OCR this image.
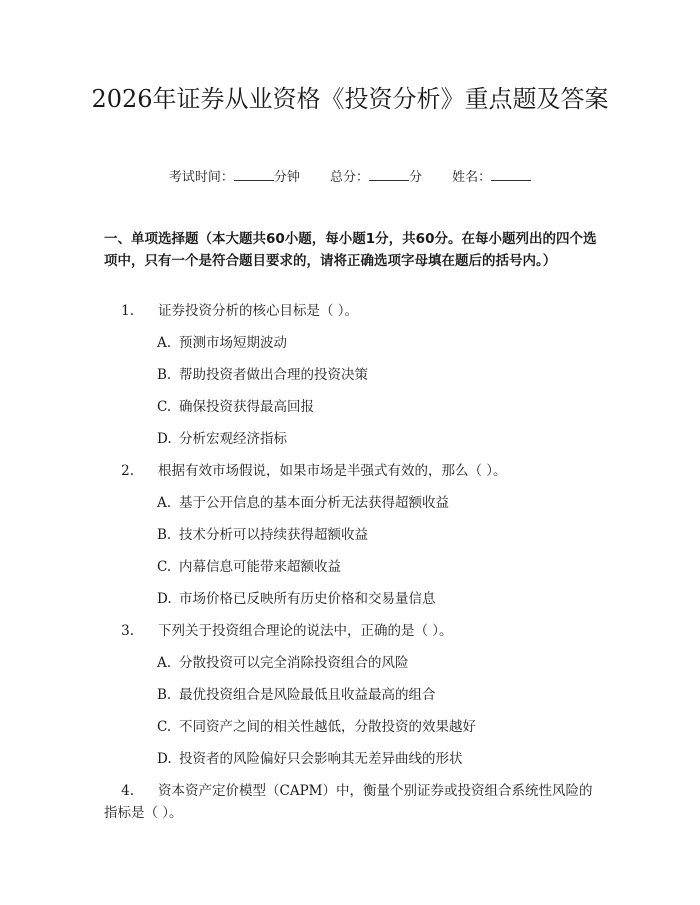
2026年证券从业资格《投资分析》重点题及答案
考试时间：	分钟 总分：	分 姓名：

一、单项选择题（本大题共60小题，每小题1分，共60分。在每小题列出的四个选项中，只有一个是符合题目要求的，请将正确选项字母填在题后的括号内。）

1. 证券投资分析的核心目标是（ ）。

A. 预测市场短期波动

B. 帮助投资者做出合理的投资决策

C. 确保投资获得最高回报

D. 分析宏观经济指标

2. 根据有效市场假说，如果市场是半强式有效的，那么（ ）。

A. 基于公开信息的基本面分析无法获得超额收益

B. 技术分析可以持续获得超额收益

C. 内幕信息可能带来超额收益

D. 市场价格已反映所有历史价格和交易量信息

3. 下列关于投资组合理论的说法中，正确的是（ ）。

A. 分散投资可以完全消除投资组合的风险

B. 最优投资组合是风险最低且收益最高的组合

C. 不同资产之间的相关性越低，分散投资的效果越好

D. 投资者的风险偏好只会影响其无差异曲线的形状

4. 资本资产定价模型（CAPM）中，衡量个别证券或投资组合系统性风险的指标是（ ）。
